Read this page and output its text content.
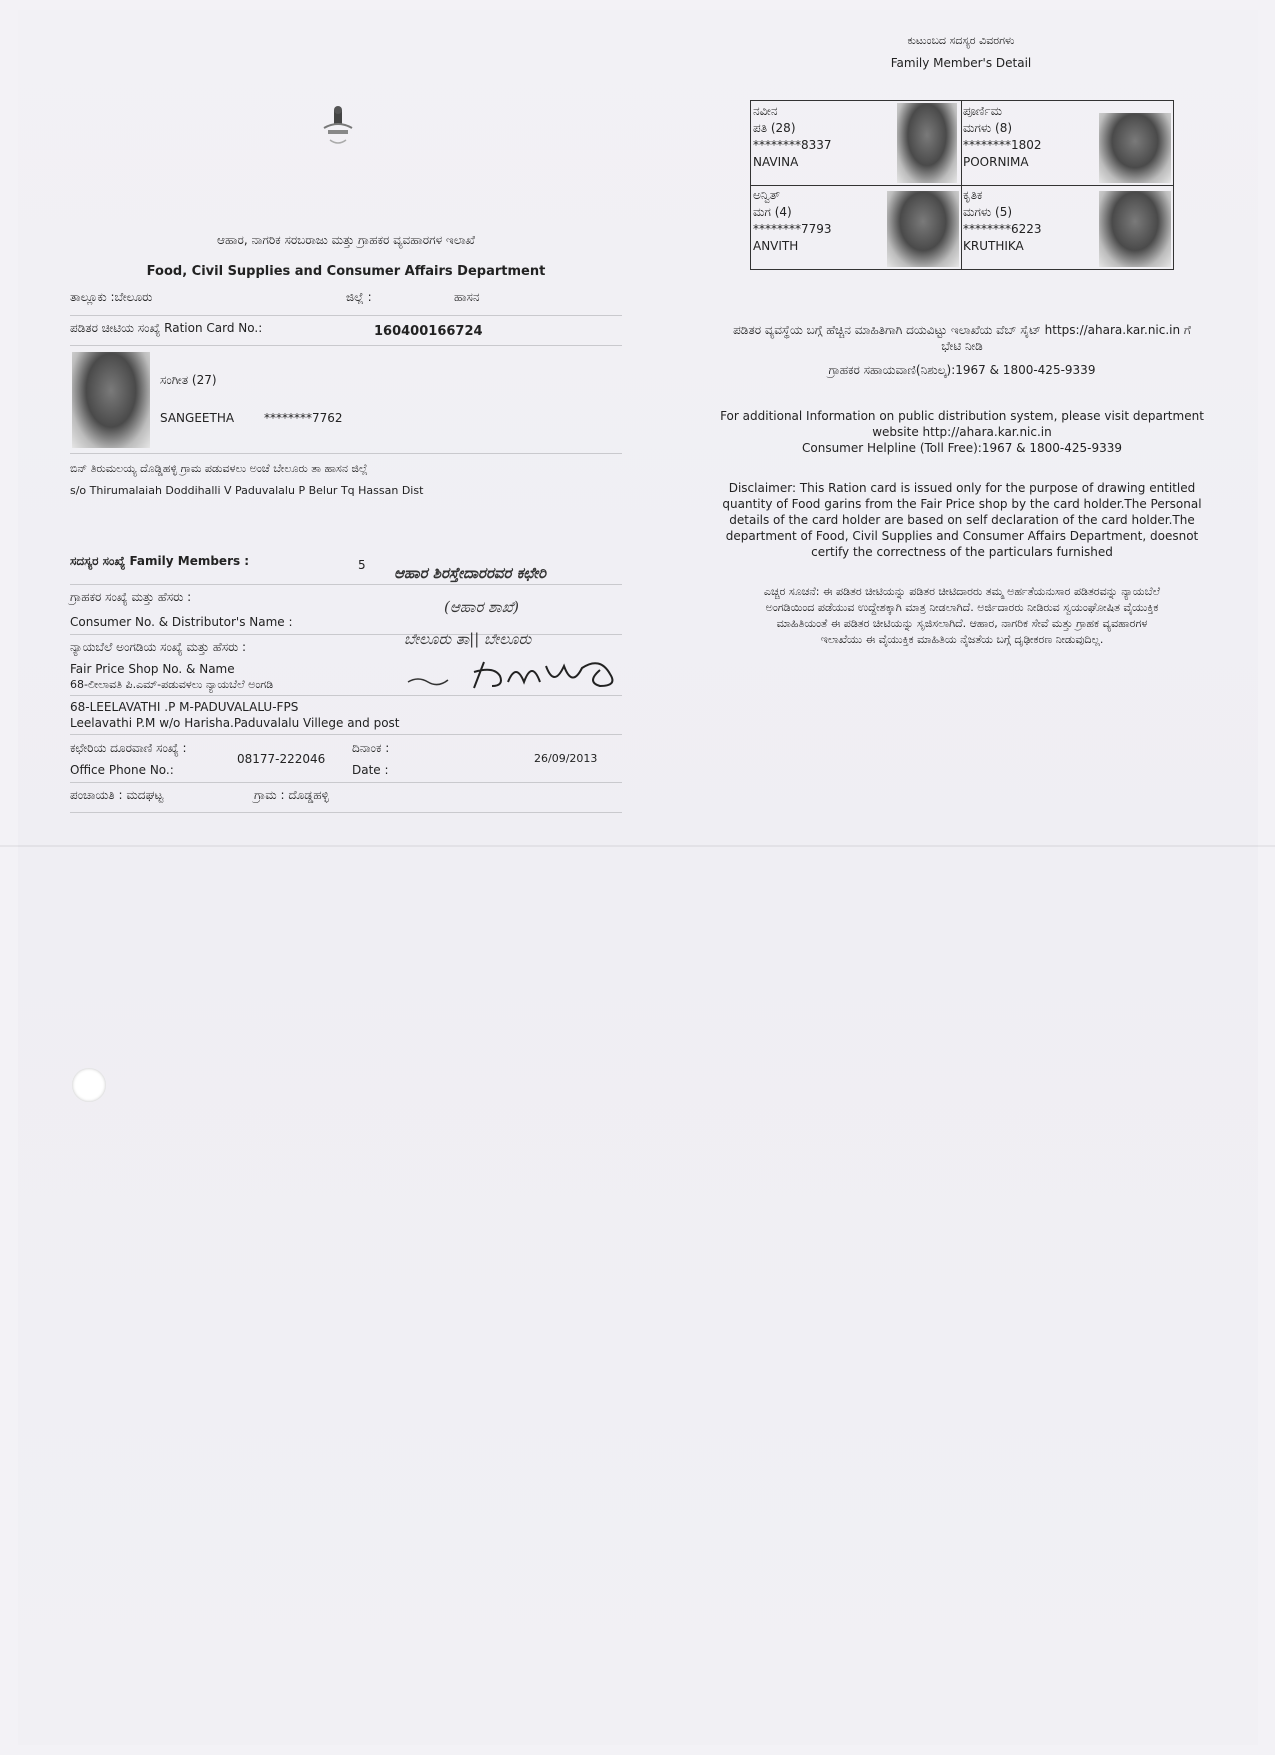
ಆಹಾರ, ನಾಗರಿಕ ಸರಬರಾಜು ಮತ್ತು ಗ್ರಾಹಕರ ವ್ಯವಹಾರಗಳ ಇಲಾಖೆ
Food, Civil Supplies and Consumer Affairs Department
ತಾಲ್ಲೂಕು :ಬೇಲೂರು	ಜಿಲ್ಲೆ :	ಹಾಸನ
ಪಡಿತರ ಚೀಟಿಯ ಸಂಖ್ಯೆ Ration Card No.:	160400166724
ಸಂಗೀತ (27)
SANGEETHA ********7762
ಬಿನ್ ತಿರುಮಲಯ್ಯ ದೊಡ್ಡಿಹಳ್ಳಿ ಗ್ರಾಮ ಪಡುವಳಲು ಅಂಚೆ ಬೇಲೂರು ತಾ ಹಾಸನ ಜಿಲ್ಲೆ
s/o Thirumalaiah Doddihalli V Paduvalalu P Belur Tq Hassan Dist
ಸದಸ್ಯರ ಸಂಖ್ಯೆ Family Members :	5
ಗ್ರಾಹಕರ ಸಂಖ್ಯೆ ಮತ್ತು ಹೆಸರು :
Consumer No. & Distributor's Name :
ನ್ಯಾಯಬೆಲೆ ಅಂಗಡಿಯ ಸಂಖ್ಯೆ ಮತ್ತು ಹೆಸರು :
Fair Price Shop No. & Name
68-ಲೀಲಾವತಿ ಪಿ.ಎಮ್-ಪಡುವಳಲು ನ್ಯಾಯಬೆಲೆ ಅಂಗಡಿ
68-LEELAVATHI .P M-PADUVALALU-FPS
Leelavathi P.M w/o Harisha.Paduvalalu Villege and post
ಆಹಾರ ಶಿರಸ್ತೇದಾರರವರ ಕಛೇರಿ
(ಆಹಾರ ಶಾಖೆ)
ಬೇಲೂರು ತಾ|| ಬೇಲೂರು
ಕಛೇರಿಯ ದೂರವಾಣಿ ಸಂಖ್ಯೆ :
Office Phone No.:
08177-222046
ದಿನಾಂಕ :
Date :
26/09/2013
ಪಂಚಾಯತಿ : ಮದಘಟ್ಟ	ಗ್ರಾಮ : ದೊಡ್ಡಹಳ್ಳಿ
ಕುಟುಂಬದ ಸದಸ್ಯರ ವಿವರಗಳು
Family Member's Detail
ನವೀನ
ಪತಿ (28)
********8337
NAVINA
ಪೂರ್ಣಿಮ
ಮಗಳು (8)
********1802
POORNIMA
ಅನ್ವಿತ್
ಮಗ (4)
********7793
ANVITH
ಕೃತಿಕ
ಮಗಳು (5)
********6223
KRUTHIKA
ಪಡಿತರ ವ್ಯವಸ್ಥೆಯ ಬಗ್ಗೆ ಹೆಚ್ಚಿನ ಮಾಹಿತಿಗಾಗಿ ದಯವಿಟ್ಟು ಇಲಾಖೆಯ ವೆಬ್ ಸೈಟ್ https://ahara.kar.nic.in ಗೆ
ಭೇಟಿ ನೀಡಿ
ಗ್ರಾಹಕರ ಸಹಾಯವಾಣಿ(ನಿಶುಲ್ಕ):1967 & 1800-425-9339
For additional Information on public distribution system, please visit department
website http://ahara.kar.nic.in
Consumer Helpline (Toll Free):1967 & 1800-425-9339
Disclaimer: This Ration card is issued only for the purpose of drawing entitled
quantity of Food garins from the Fair Price shop by the card holder.The Personal
details of the card holder are based on self declaration of the card holder.The
department of Food, Civil Supplies and Consumer Affairs Department, doesnot
certify the correctness of the particulars furnished
ಎಚ್ಚರ ಸೂಚನೆ: ಈ ಪಡಿತರ ಚೀಟಿಯನ್ನು ಪಡಿತರ ಚೀಟಿದಾರರು ತಮ್ಮ ಅರ್ಹತೆಯನುಸಾರ ಪಡಿತರವನ್ನು ನ್ಯಾಯಬೆಲೆ
ಅಂಗಡಿಯಿಂದ ಪಡೆಯುವ ಉದ್ದೇಶಕ್ಕಾಗಿ ಮಾತ್ರ ನೀಡಲಾಗಿದೆ. ಅರ್ಜಿದಾರರು ನೀಡಿರುವ ಸ್ವಯಂಘೋಷಿತ ವೈಯುಕ್ತಿಕ
ಮಾಹಿತಿಯಂತೆ ಈ ಪಡಿತರ ಚೀಟಿಯನ್ನು ಸೃಜಿಸಲಾಗಿದೆ. ಆಹಾರ, ನಾಗರಿಕ ಸೇವೆ ಮತ್ತು ಗ್ರಾಹಕ ವ್ಯವಹಾರಗಳ
ಇಲಾಖೆಯು ಈ ವೈಯುಕ್ತಿಕ ಮಾಹಿತಿಯ ನೈಜತೆಯ ಬಗ್ಗೆ ದೃಢೀಕರಣ ನೀಡುವುದಿಲ್ಲ.
